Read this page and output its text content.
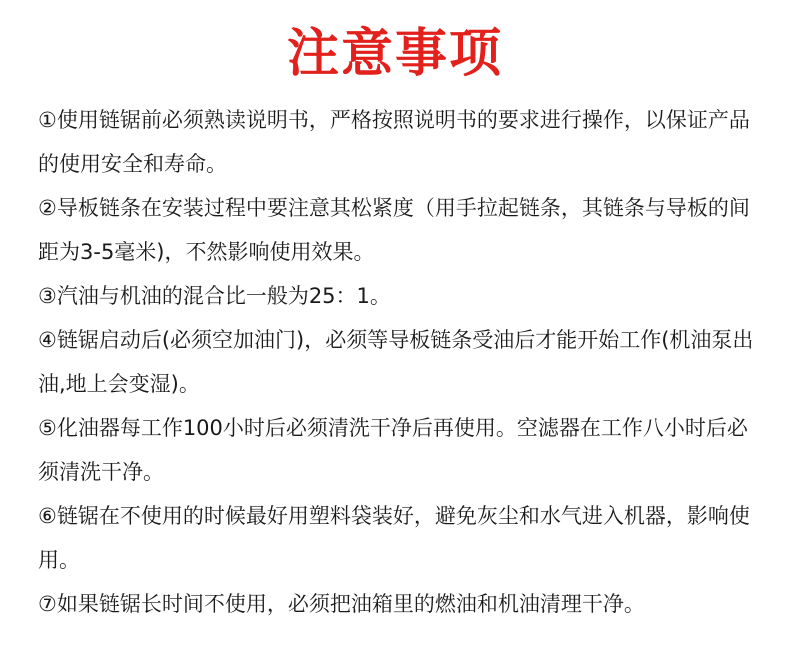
注意事项
①使用链锯前必须熟读说明书，严格按照说明书的要求进行操作，以保证产品的使用安全和寿命。
②导板链条在安装过程中要注意其松紧度（用手拉起链条，其链条与导板的间距为3-5毫米)，不然影响使用效果。
③汽油与机油的混合比一般为25：1。
④链锯启动后(必须空加油门)，必须等导板链条受油后才能开始工作(机油泵出油,地上会变湿)。
⑤化油器每工作100小时后必须清洗干净后再使用。空滤器在工作八小时后必须清洗干净。
⑥链锯在不使用的时候最好用塑料袋装好，避免灰尘和水气进入机器，影响使用。
⑦如果链锯长时间不使用，必须把油箱里的燃油和机油清理干净。
